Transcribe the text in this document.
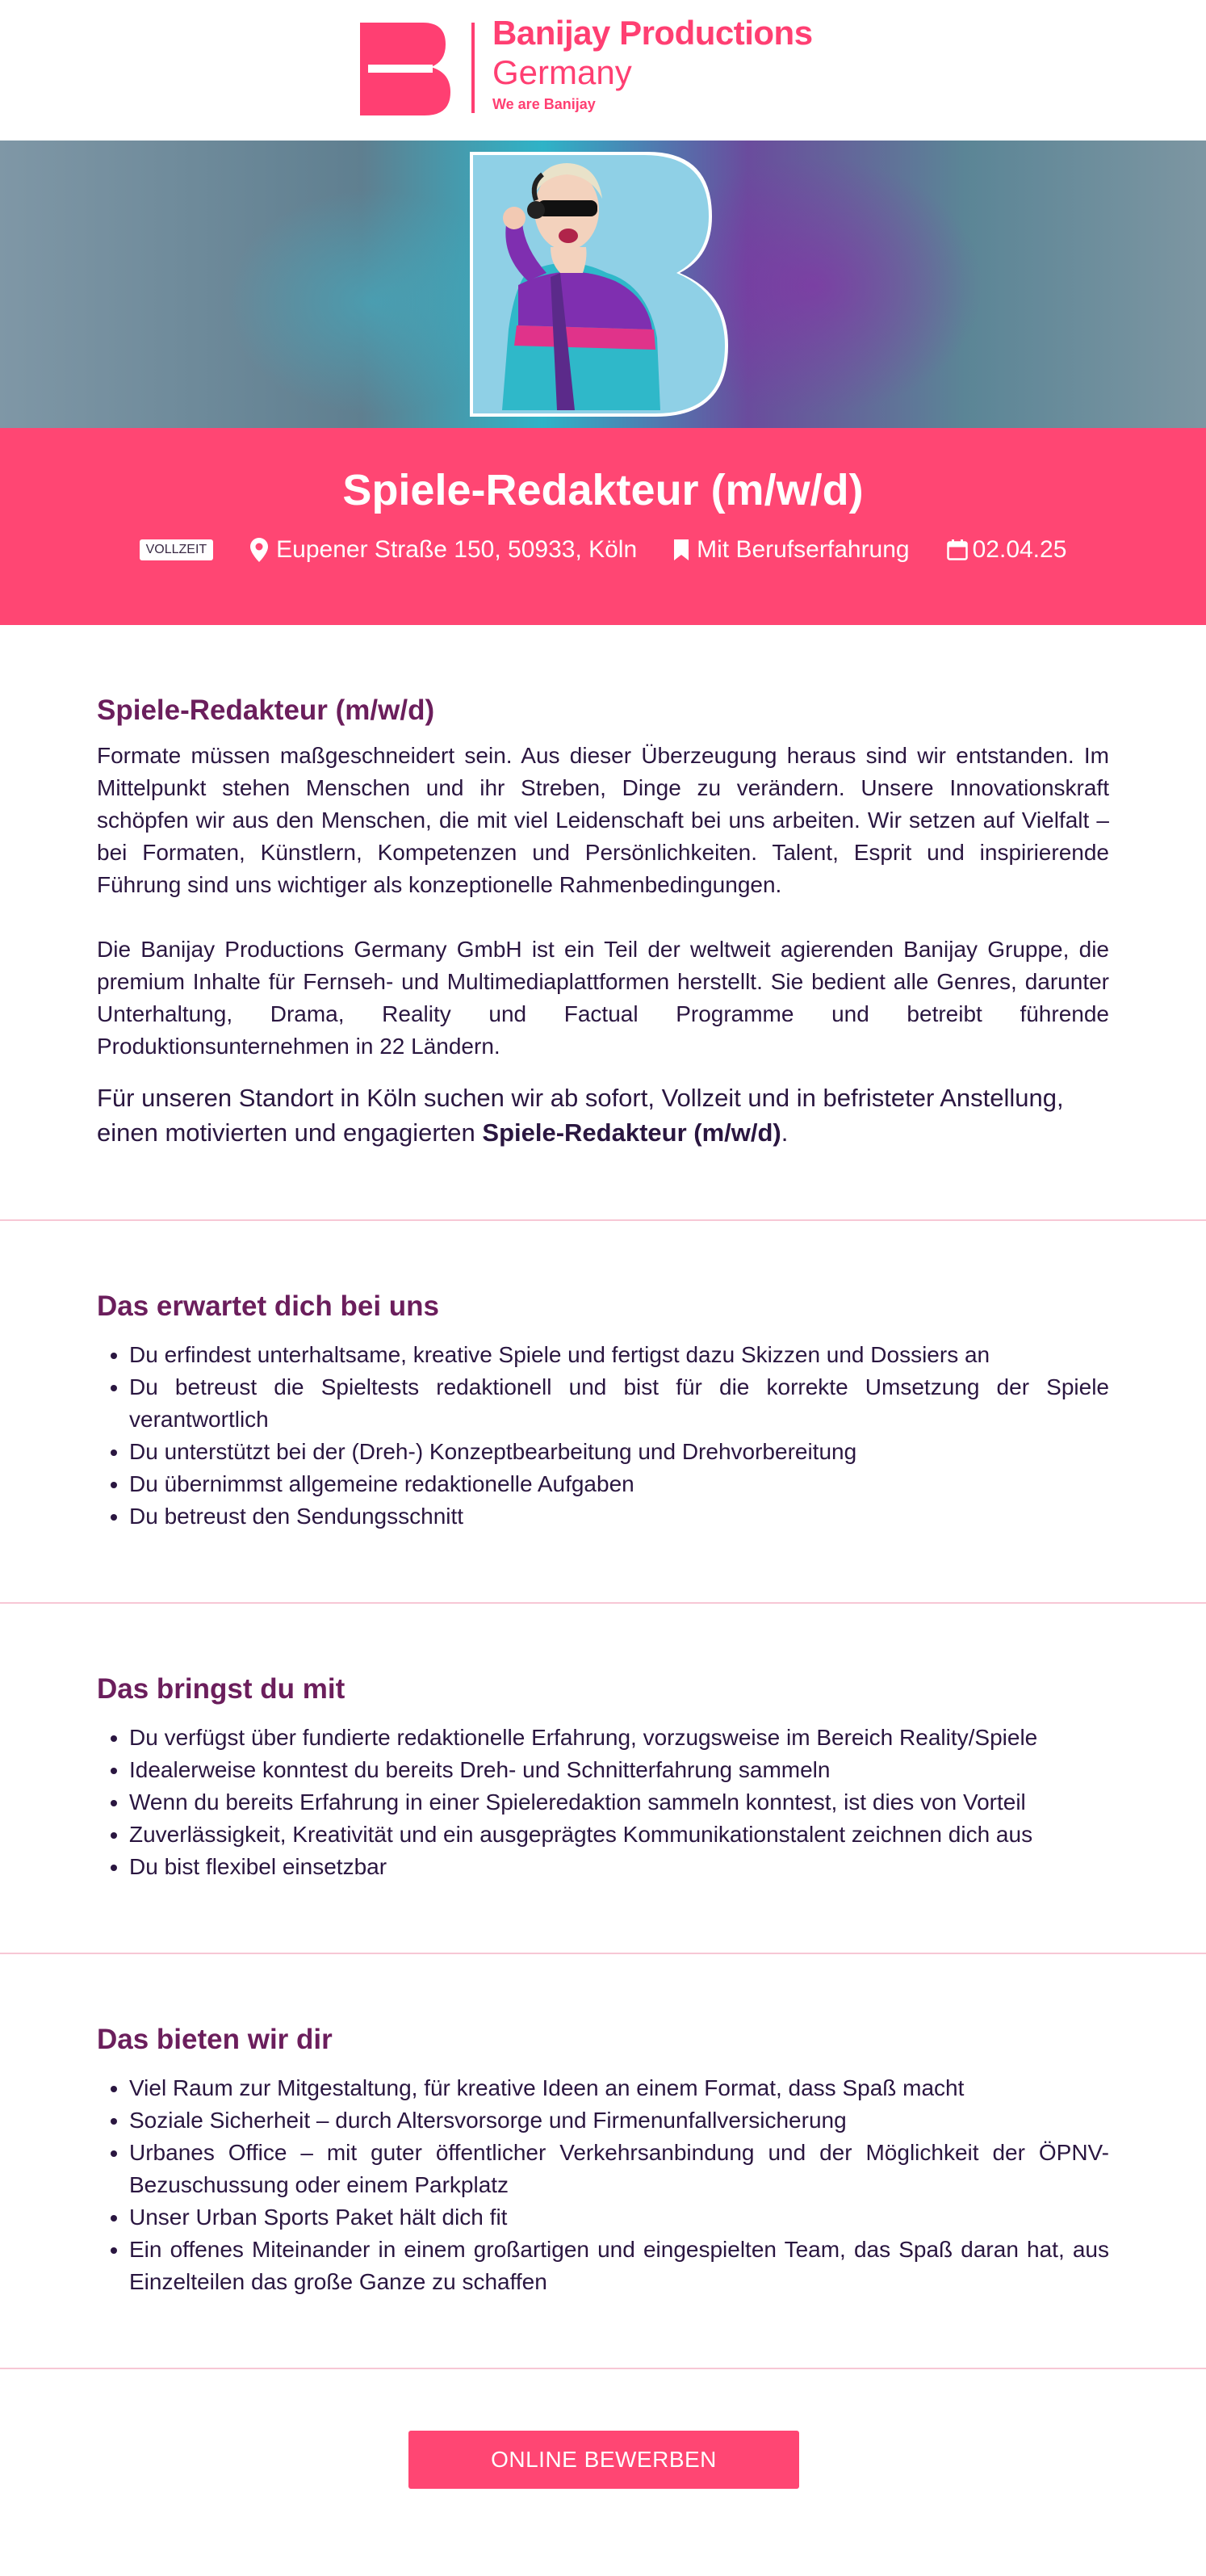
Banijay Productions
Germany
We are Banijay
Spiele-Redakteur (m/w/d)
VOLLZEIT	Eupener Straße 150, 50933, Köln Mit Berufserfahrung	02.04.25
Spiele-Redakteur (m/w/d)

Formate müssen maßgeschneidert sein. Aus dieser Überzeugung heraus sind wir entstanden. Im Mittelpunkt stehen Menschen und ihr Streben, Dinge zu verändern. Unsere Innovationskraft schöpfen wir aus den Menschen, die mit viel Leidenschaft bei uns arbeiten. Wir setzen auf Vielfalt – bei Formaten, Künstlern, Kompetenzen und Persönlichkeiten. Talent, Esprit und inspirierende Führung sind uns wichtiger als konzeptionelle Rahmenbedingungen.

Die Banijay Productions Germany GmbH ist ein Teil der weltweit agierenden Banijay Gruppe, die premium Inhalte für Fernseh- und Multimediaplattformen herstellt. Sie bedient alle Genres, darunter Unterhaltung, Drama, Reality und Factual Programme und betreibt führende Produktionsunternehmen in 22 Ländern.

Für unseren Standort in Köln suchen wir ab sofort, Vollzeit und in befristeter Anstellung, einen motivierten und engagierten Spiele-Redakteur (m/w/d).

Das erwartet dich bei uns
• Du erfindest unterhaltsame, kreative Spiele und fertigst dazu Skizzen und Dossiers an
• Du betreust die Spieltests redaktionell und bist für die korrekte Umsetzung der Spiele verantwortlich
• Du unterstützt bei der (Dreh-) Konzeptbearbeitung und Drehvorbereitung
• Du übernimmst allgemeine redaktionelle Aufgaben
• Du betreust den Sendungsschnitt
Das bringst du mit
• Du verfügst über fundierte redaktionelle Erfahrung, vorzugsweise im Bereich Reality/Spiele
• Idealerweise konntest du bereits Dreh- und Schnitterfahrung sammeln
• Wenn du bereits Erfahrung in einer Spieleredaktion sammeln konntest, ist dies von Vorteil
• Zuverlässigkeit, Kreativität und ein ausgeprägtes Kommunikationstalent zeichnen dich aus
• Du bist flexibel einsetzbar
Das bieten wir dir
• Viel Raum zur Mitgestaltung, für kreative Ideen an einem Format, dass Spaß macht
• Soziale Sicherheit – durch Altersvorsorge und Firmenunfallversicherung
• Urbanes Office – mit guter öffentlicher Verkehrsanbindung und der Möglichkeit der ÖPNV-Bezuschussung oder einem Parkplatz
• Unser Urban Sports Paket hält dich fit
• Ein offenes Miteinander in einem großartigen und eingespielten Team, das Spaß daran hat, aus Einzelteilen das große Ganze zu schaffen
ONLINE BEWERBEN
